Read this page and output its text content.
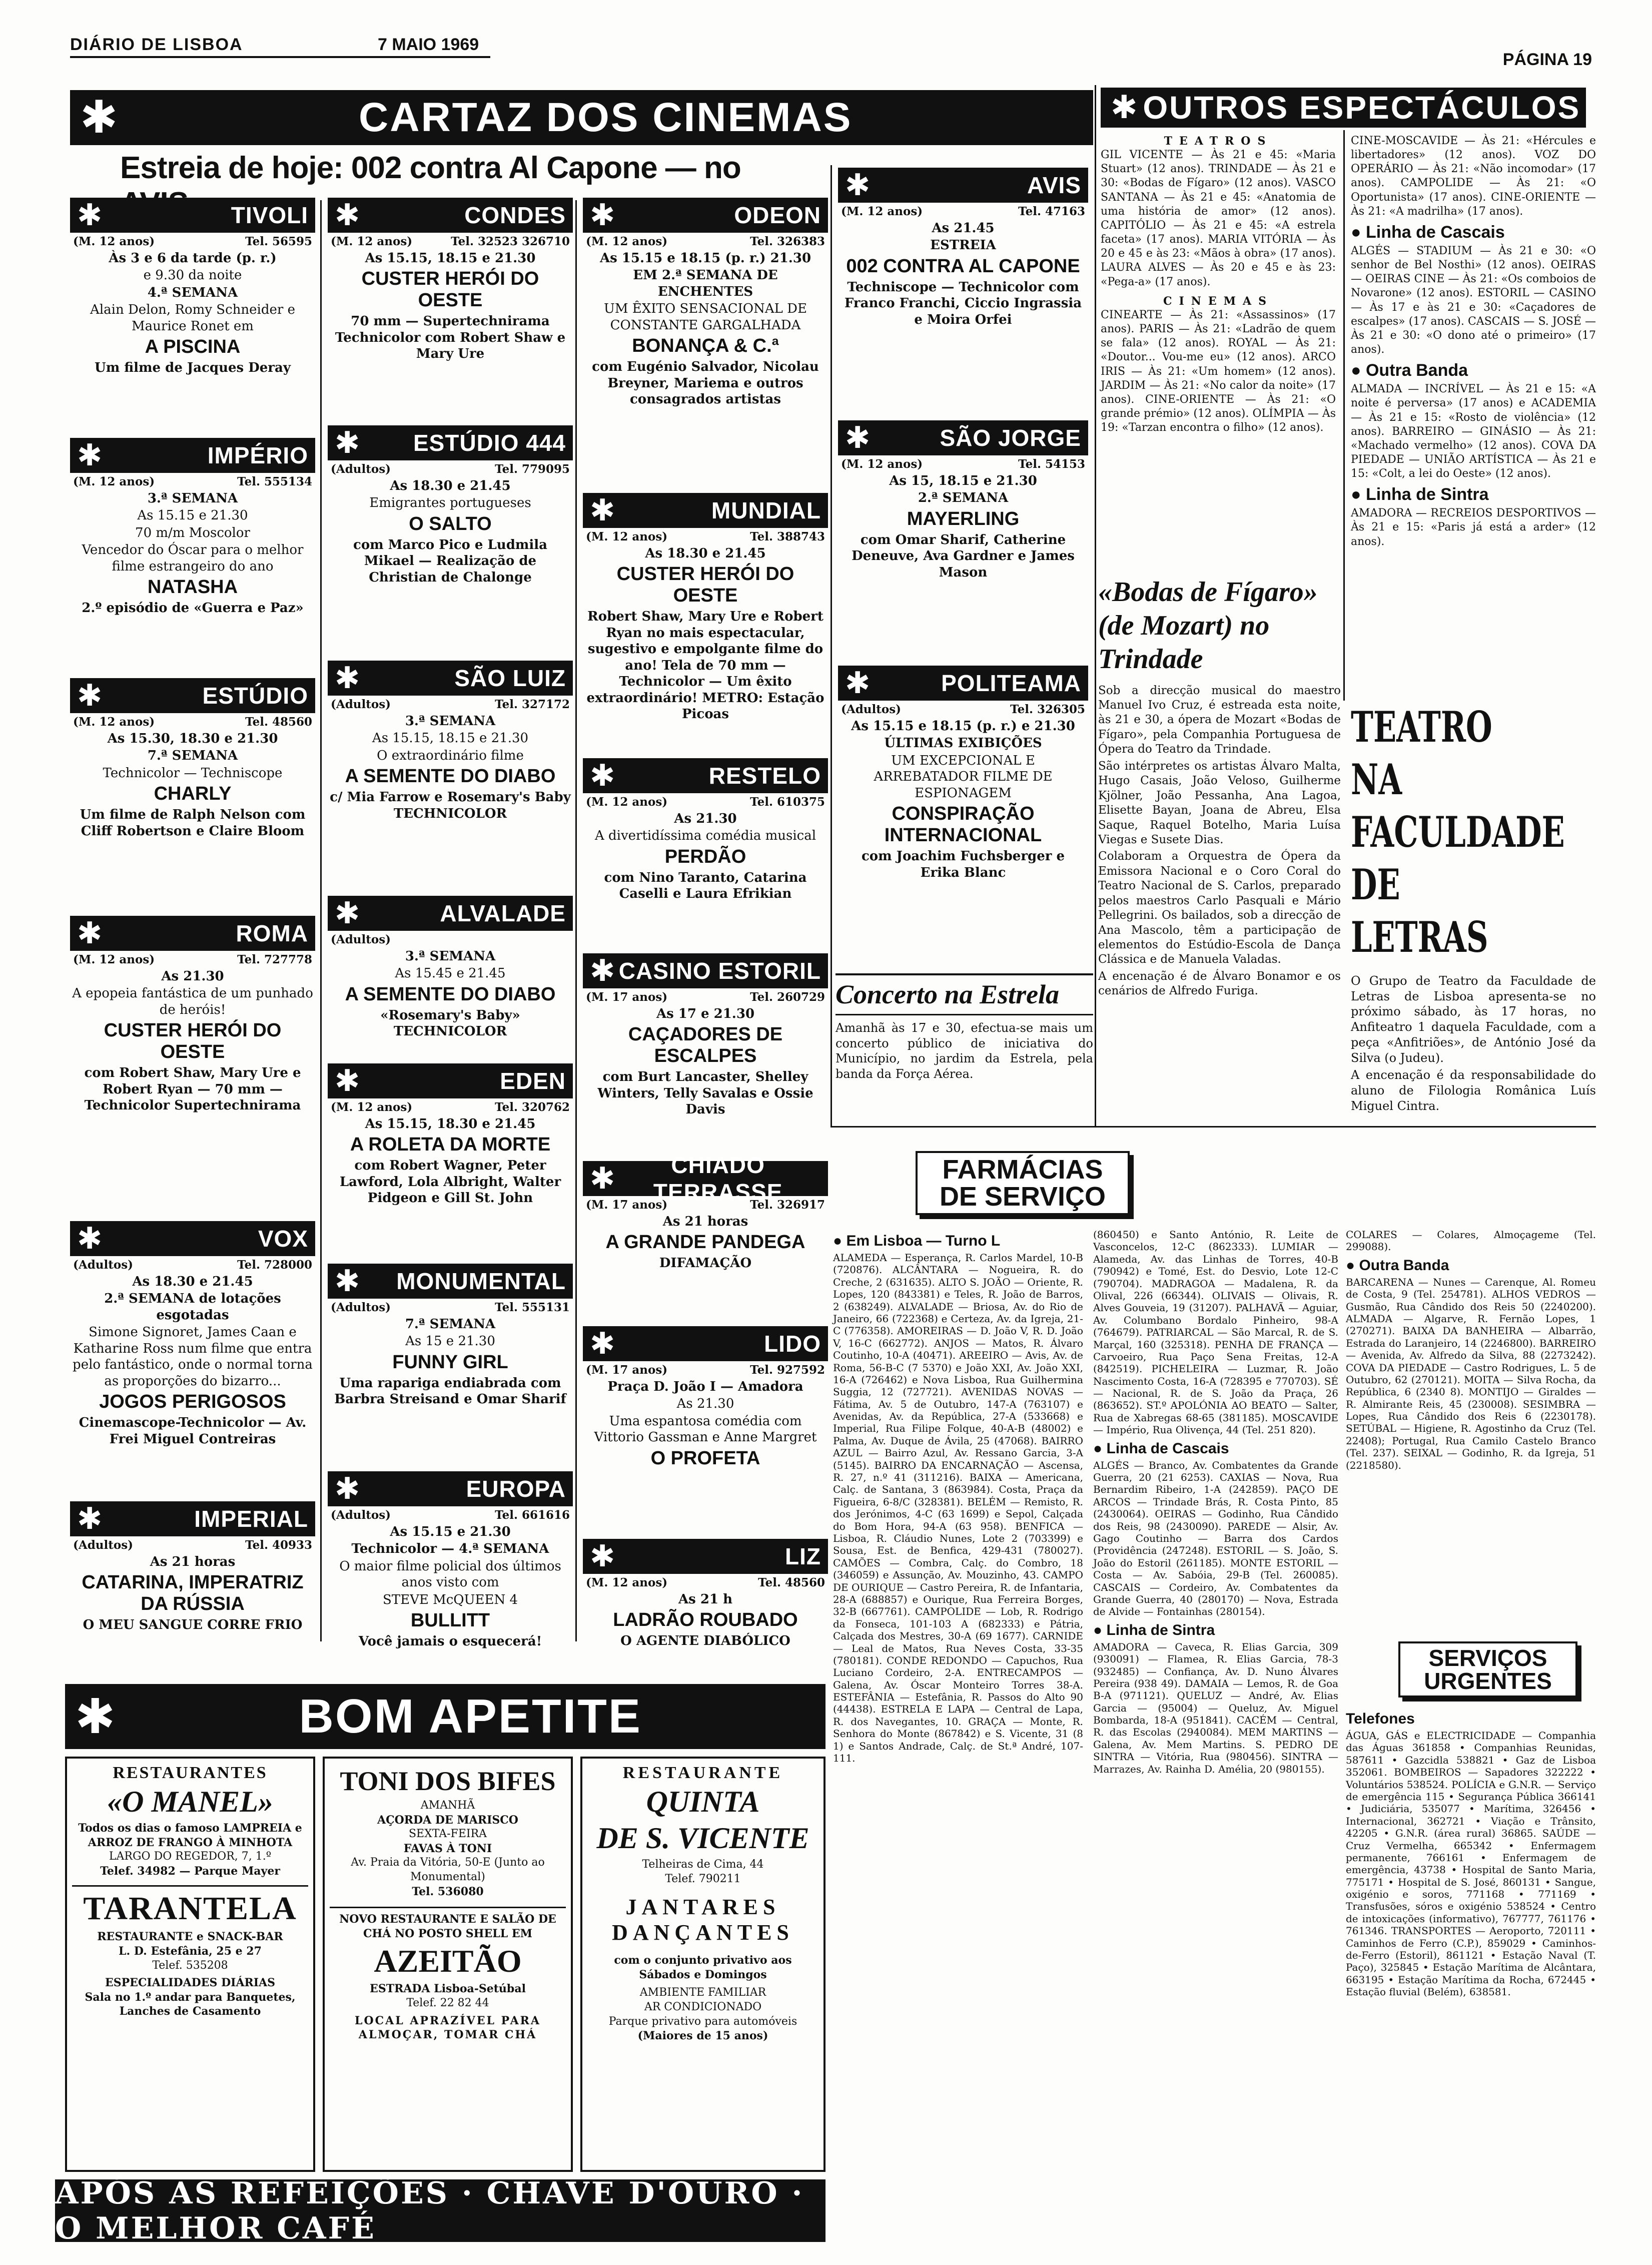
DIÁRIO DE LISBOA	7 MAIO 1969
PÁGINA 19
✱	CARTAZ DOS CINEMAS
Estreia de hoje: 002 contra Al Capone — no
✱	TIVOLI
(M. 12 anos)	Tel. 56595

Às 3 e 6 da tarde (p. r.)

e 9.30 da noite

4.ª SEMANA

Alain Delon, Romy Schneider e Maurice Ronet em

A PISCINA

Um filme de Jacques Deray

✱	IMPÉRIO
(M. 12 anos)	Tel. 555134

3.ª SEMANA

As 15.15 e 21.30

70 m/m Moscolor

Vencedor do Óscar para o melhor filme estrangeiro do ano

NATASHA

2.º episódio de «Guerra e Paz»

✱	ESTÚDIO
(M. 12 anos)	Tel. 48560

As 15.30, 18.30 e 21.30

7.ª SEMANA

Technicolor — Techniscope

CHARLY

Um filme de Ralph Nelson com Cliff Robertson e Claire Bloom

✱	ROMA
(M. 12 anos)	Tel. 727778

As 21.30

A epopeia fantástica de um punhado de heróis!

CUSTER HERÓI DO OESTE

com Robert Shaw, Mary Ure e Robert Ryan — 70 mm — Technicolor Supertechnirama

✱	VOX
(Adultos)	Tel. 728000

As 18.30 e 21.45

2.ª SEMANA de lotações esgotadas

Simone Signoret, James Caan e Katharine Ross num filme que entra pelo fantástico, onde o normal torna as proporções do bizarro...

JOGOS PERIGOSOS

Cinemascope-Technicolor — Av. Frei Miguel Contreiras

✱	IMPERIAL
(Adultos)	Tel. 40933

As 21 horas

CATARINA, IMPERATRIZ DA RÚSSIA

O MEU SANGUE CORRE FRIO

✱	CONDES
(M. 12 anos)	Tel. 32523 326710

As 15.15, 18.15 e 21.30

CUSTER HERÓI DO OESTE

70 mm — Supertechnirama Technicolor com Robert Shaw e Mary Ure

✱ ESTÚDIO 444
(Adultos)	Tel. 779095

As 18.30 e 21.45

Emigrantes portugueses

O SALTO

com Marco Pico e Ludmila Mikael — Realização de Christian de Chalonge

✱	SÃO LUIZ
(Adultos)	Tel. 327172

3.ª SEMANA

As 15.15, 18.15 e 21.30

O extraordinário filme

A SEMENTE DO DIABO

c/ Mia Farrow e Rosemary's Baby TECHNICOLOR

✱	ALVALADE
(Adultos)

3.ª SEMANA

As 15.45 e 21.45

A SEMENTE DO DIABO

«Rosemary's Baby» TECHNICOLOR

✱	EDEN
(M. 12 anos)	Tel. 320762

As 15.15, 18.30 e 21.45

A ROLETA DA MORTE

com Robert Wagner, Peter Lawford, Lola Albright, Walter Pidgeon e Gill St. John

✱ MONUMENTAL
(Adultos)	Tel. 555131

7.ª SEMANA

As 15 e 21.30

FUNNY GIRL

Uma rapariga endiabrada com Barbra Streisand e Omar Sharif

✱	EUROPA
(Adultos)	Tel. 661616

As 15.15 e 21.30

Technicolor — 4.ª SEMANA

O maior filme policial dos últimos anos visto com

STEVE McQUEEN 4

BULLITT

Você jamais o esquecerá!

✱	ODEON
(M. 12 anos)	Tel. 326383

As 15.15 e 18.15 (p. r.) 21.30

EM 2.ª SEMANA DE ENCHENTES

UM ÊXITO SENSACIONAL DE CONSTANTE GARGALHADA

BONANÇA & C.ª

com Eugénio Salvador, Nicolau Breyner, Mariema e outros consagrados artistas

✱	MUNDIAL
(M. 12 anos)	Tel. 388743

As 18.30 e 21.45

CUSTER HERÓI DO OESTE

Robert Shaw, Mary Ure e Robert Ryan no mais espectacular, sugestivo e empolgante filme do ano! Tela de 70 mm — Technicolor — Um êxito extraordinário! METRO: Estação Picoas

✱	RESTELO
(M. 12 anos)	Tel. 610375

As 21.30

A divertidíssima comédia musical

PERDÃO

com Nino Taranto, Catarina Caselli e Laura Efrikian

✱ CASINO ESTORIL
(M. 17 anos)	Tel. 260729

As 17 e 21.30

CAÇADORES DE ESCALPES

com Burt Lancaster, Shelley Winters, Telly Savalas e Ossie Davis

✱	CHIADO TERRASSE
(M. 17 anos)	Tel. 326917

As 21 horas

A GRANDE PANDEGA

DIFAMAÇÃO

✱	LIDO
(M. 17 anos)	Tel. 927592

Praça D. João I — Amadora

As 21.30

Uma espantosa comédia com Vittorio Gassman e Anne Margret

O PROFETA
✱	LIZ
(M. 12 anos)	Tel. 48560

As 21 h

LADRÃO ROUBADO

O AGENTE DIABÓLICO

✱	AVIS
(M. 12 anos)	Tel. 47163

As 21.45

ESTREIA

002 CONTRA AL CAPONE

Techniscope — Technicolor com Franco Franchi, Ciccio Ingrassia e Moira Orfei

✱	SÃO JORGE
(M. 12 anos)	Tel. 54153

As 15, 18.15 e 21.30

2.ª SEMANA

MAYERLING

com Omar Sharif, Catherine Deneuve, Ava Gardner e James Mason

✱	POLITEAMA
(Adultos)	Tel. 326305

As 15.15 e 18.15 (p. r.) e 21.30

ÚLTIMAS EXIBIÇÕES

UM EXCEPCIONAL E ARREBATADOR FILME DE ESPIONAGEM

CONSPIRAÇÃO INTERNACIONAL

com Joachim Fuchsberger e Erika Blanc

Concerto na Estrela
Amanhã às 17 e 30, efectua-se mais um concerto público de iniciativa do Município, no jardim da Estrela, pela banda da Força Aérea.
✱ OUTROS ESPECTÁCULOS
TEATROS

GIL VICENTE — Às 21 e 45: «Maria Stuart» (12 anos). TRINDADE — Às 21 e 30: «Bodas de Fígaro» (12 anos). VASCO SANTANA — Às 21 e 45: «Anatomia de uma história de amor» (12 anos). CAPITÓLIO — Às 21 e 45: «A estrela faceta» (17 anos). MARIA VITÓRIA — Às 20 e 45 e às 23: «Mãos à obra» (17 anos). LAURA ALVES — Às 20 e 45 e às 23: «Pega-a» (17 anos).

CINEMAS

CINEARTE — Às 21: «Assassinos» (17 anos). PARIS — Às 21: «Ladrão de quem se fala» (12 anos). ROYAL — Às 21: «Doutor... Vou-me eu» (12 anos). ARCO IRIS — Às 21: «Um homem» (12 anos). JARDIM — Às 21: «No calor da noite» (17 anos). CINE-ORIENTE — Às 21: «O grande prémio» (12 anos). OLÍMPIA — Às 19: «Tarzan encontra o filho» (12 anos).

CINE-MOSCAVIDE — Às 21: «Hércules e libertadores» (12 anos). VOZ DO OPERÁRIO — Às 21: «Não incomodar» (17 anos). CAMPOLIDE — Às 21: «O Oportunista» (17 anos). CINE-ORIENTE — Às 21: «A madrilha» (17 anos).

● Linha de Cascais

ALGÉS — STADIUM — Às 21 e 30: «O senhor de Bel Nosthi» (12 anos). OEIRAS — OEIRAS CINE — Às 21: «Os comboios de Novarone» (12 anos). ESTORIL — CASINO — Às 17 e às 21 e 30: «Caçadores de escalpes» (17 anos). CASCAIS — S. JOSÉ — Às 21 e 30: «O dono até o primeiro» (17 anos).

● Outra Banda

ALMADA — INCRÍVEL — Às 21 e 15: «A noite é perversa» (17 anos) e ACADEMIA — Às 21 e 15: «Rosto de violência» (12 anos). BARREIRO — GINÁSIO — Às 21: «Machado vermelho» (12 anos). COVA DA PIEDADE — UNIÃO ARTÍSTICA — Às 21 e 15: «Colt, a lei do Oeste» (12 anos).

● Linha de Sintra

AMADORA — RECREIOS DESPORTIVOS — Às 21 e 15: «Paris já está a arder» (12 anos).

«Bodas de Fígaro» (de Mozart) no Trindade

Sob a direcção musical do maestro Manuel Ivo Cruz, é estreada esta noite, às 21 e 30, a ópera de Mozart «Bodas de Fígaro», pela Companhia Portuguesa de Ópera do Teatro da Trindade.

São intérpretes os artistas Álvaro Malta, Hugo Casais, João Veloso, Guilherme Kjölner, João Pessanha, Ana Lagoa, Elisette Bayan, Joana de Abreu, Elsa Saque, Raquel Botelho, Maria Luísa Viegas e Susete Dias.

Colaboram a Orquestra de Ópera da Emissora Nacional e o Coro Coral do Teatro Nacional de S. Carlos, preparado pelos maestros Carlo Pasquali e Mário Pellegrini. Os bailados, sob a direcção de Ana Mascolo, têm a participação de elementos do Estúdio-Escola de Dança Clássica e de Manuela Valadas.

A encenação é de Álvaro Bonamor e os cenários de Alfredo Furiga.

TEATRO
NA FACULDADE
DE LETRAS

O Grupo de Teatro da Faculdade de Letras de Lisboa apresenta-se no próximo sábado, às 17 horas, no Anfiteatro 1 daquela Faculdade, com a peça «Anfitriões», de António José da Silva (o Judeu).

A encenação é da responsabilidade do aluno de Filologia Românica Luís Miguel Cintra.

FARMÁCIAS DE SERVIÇO
● Em Lisboa — Turno L

ALAMEDA — Esperança, R. Carlos Mardel, 10-B (720876). ALCÂNTARA — Nogueira, R. do Creche, 2 (631635). ALTO S. JOÃO — Oriente, R. Lopes, 120 (843381) e Teles, R. João de Barros, 2 (638249). ALVALADE — Briosa, Av. do Rio de Janeiro, 66 (722368) e Certeza, Av. da Igreja, 21-C (776358). AMOREIRAS — D. João V, R. D. João V, 16-C (662772). ANJOS — Matos, R. Álvaro Coutinho, 10-A (40471). AREEIRO — Avis, Av. de Roma, 56-B-C (7 5370) e João XXI, Av. João XXI, 16-A (726462) e Nova Lisboa, Rua Guilhermina Suggia, 12 (727721). AVENIDAS NOVAS — Fátima, Av. 5 de Outubro, 147-A (763107) e Avenidas, Av. da República, 27-A (533668) e Imperial, Rua Filipe Folque, 40-A-B (48002) e Palma, Av. Duque de Ávila, 25 (47068). BAIRRO AZUL — Bairro Azul, Av. Ressano Garcia, 3-A (5145). BAIRRO DA ENCARNAÇÃO — Ascensa, R. 27, n.º 41 (311216). BAIXA — Americana, Calç. de Santana, 3 (863984). Costa, Praça da Figueira, 6-8/C (328381). BELÉM — Remisto, R. dos Jerónimos, 4-C (63 1699) e Sepol, Calçada do Bom Hora, 94-A (63 958). BENFICA — Lisboa, R. Cláudio Nunes, Lote 2 (703399) e Sousa, Est. de Benfica, 429-431 (780027). CAMÕES — Combra, Calç. do Combro, 18 (346059) e Assunção, Av. Mouzinho, 43. CAMPO DE OURIQUE — Castro Pereira, R. de Infantaria, 28-A (688857) e Ourique, Rua Ferreira Borges, 32-B (667761). CAMPOLIDE — Lob, R. Rodrigo da Fonseca, 101-103 A (682333) e Pátria, Calçada dos Mestres, 30-A (69 1677). CARNIDE — Leal de Matos, Rua Neves Costa, 33-35 (780181). CONDE REDONDO — Capuchos, Rua Luciano Cordeiro, 2-A. ENTRECAMPOS — Galena, Av. Óscar Monteiro Torres 38-A. ESTEFÂNIA — Estefânia, R. Passos do Alto 90 (44438). ESTRELA E LAPA — Central de Lapa, R. dos Navegantes, 10. GRAÇA — Monte, R. Senhora do Monte (867842) e S. Vicente, 31 (8 1) e Santos Andrade, Calç. de St.ª André, 107-111.

(860450) e Santo António, R. Leite de Vasconcelos, 12-C (862333). LUMIAR — Alameda, Av. das Linhas de Torres, 40-B (790942) e Tomé, Est. do Desvio, Lote 12-C (790704). MADRAGOA — Madalena, R. da Olival, 226 (66344). OLIVAIS — Olivais, R. Alves Gouveia, 19 (31207). PALHAVÃ — Aguiar, Av. Columbano Bordalo Pinheiro, 98-A (764679). PATRIARCAL — São Marcal, R. de S. Marçal, 160 (325318). PENHA DE FRANÇA — Carvoeiro, Rua Paço Sena Freitas, 12-A (842519). PICHELEIRA — Luzmar, R. João Nascimento Costa, 16-A (728395 e 770703). SÉ — Nacional, R. de S. João da Praça, 26 (863652). ST.º APOLÓNIA AO BEATO — Salter, Rua de Xabregas 68-65 (381185). MOSCAVIDE — Império, Rua Olivença, 44 (Tel. 251 820).

● Linha de Cascais

ALGÉS — Branco, Av. Combatentes da Grande Guerra, 20 (21 6253). CAXIAS — Nova, Rua Bernardim Ribeiro, 1-A (242859). PAÇO DE ARCOS — Trindade Brás, R. Costa Pinto, 85 (2430064). OEIRAS — Godinho, Rua Cândido dos Reis, 98 (2430090). PAREDE — Alsir, Av. Gago Coutinho — Barra dos Cardos (Providência (247248). ESTORIL — S. João, S. João do Estoril (261185). MONTE ESTORIL — Costa — Av. Sabóia, 29-B (Tel. 260085). CASCAIS — Cordeiro, Av. Combatentes da Grande Guerra, 40 (280170) — Nova, Estrada de Alvide — Fontainhas (280154).

● Linha de Sintra

AMADORA — Caveca, R. Elias Garcia, 309 (930091) — Flamea, R. Elias Garcia, 78-3 (932485) — Confiança, Av. D. Nuno Álvares Pereira (938 49). DAMAIA — Lemos, R. de Goa B-A (971121). QUELUZ — André, Av. Elias Garcia — (95004) — Queluz, Av. Miguel Bombarda, 18-A (951841). CACÉM — Central, R. das Escolas (2940084). MEM MARTINS — Galena, Av. Mem Martins. S. PEDRO DE SINTRA — Vitória, Rua (980456). SINTRA — Marrazes, Av. Rainha D. Amélia, 20 (980155).

COLARES — Colares, Almoçageme (Tel. 299088).

● Outra Banda

BARCARENA — Nunes — Carenque, Al. Romeu de Costa, 9 (Tel. 254781). ALHOS VEDROS — Gusmão, Rua Cândido dos Reis 50 (2240200). ALMADA — Algarve, R. Fernão Lopes, 1 (270271). BAIXA DA BANHEIRA — Albarrão, Estrada do Laranjeiro, 14 (2246800). BARREIRO — Avenida, Av. Alfredo da Silva, 88 (2273242). COVA DA PIEDADE — Castro Rodrigues, L. 5 de Outubro, 62 (270121). MOITA — Silva Rocha, da República, 6 (2340 8). MONTIJO — Giraldes — R. Almirante Reis, 45 (230008). SESIMBRA — Lopes, Rua Cândido dos Reis 6 (2230178). SETÚBAL — Higiene, R. Agostinho da Cruz (Tel. 22408); Portugal, Rua Camilo Castelo Branco (Tel. 237). SEIXAL — Godinho, R. da Igreja, 51 (2218580).

SERVIÇOS URGENTES
Telefones

ÁGUA, GÁS e ELECTRICIDADE — Companhia das Águas 361858 • Companhias Reunidas, 587611 • Gazcidla 538821 • Gaz de Lisboa 352061. BOMBEIROS — Sapadores 322222 • Voluntários 538524. POLÍCIA e G.N.R. — Serviço de emergência 115 • Segurança Pública 366141 • Judiciária, 535077 • Marítima, 326456 • Internacional, 362721 • Viação e Trânsito, 42205 • G.N.R. (área rural) 36865. SAÚDE — Cruz Vermelha, 665342 • Enfermagem permanente, 766161 • Enfermagem de emergência, 43738 • Hospital de Santo Maria, 775171 • Hospital de S. José, 860131 • Sangue, oxigénio e soros, 771168 • 771169 • Transfusões, sóros e oxigénio 538524 • Centro de intoxicações (informativo), 767777, 761176 • 761346. TRANSPORTES — Aeroporto, 720111 • Caminhos de Ferro (C.P.), 859029 • Caminhos-de-Ferro (Estoril), 861121 • Estação Naval (T. Paço), 325845 • Estação Marítima de Alcântara, 663195 • Estação Marítima da Rocha, 672445 • Estação fluvial (Belém), 638581.

✱	BOM APETITE
RESTAURANTES
«O MANEL»
Todos os dias o famoso LAMPREIA e ARROZ DE FRANGO À MINHOTA
LARGO DO REGEDOR, 7, 1.º
Telef. 34982 — Parque Mayer
TARANTELA
RESTAURANTE e SNACK-BAR
L. D. Estefânia, 25 e 27
Telef. 535208
ESPECIALIDADES DIÁRIAS
Sala no 1.º andar para Banquetes, Lanches de Casamento
TONI DOS BIFES
AMANHÃ
AÇORDA DE MARISCO
SEXTA-FEIRA
FAVAS À TONI
Av. Praia da Vitória, 50-E (Junto ao Monumental)
Tel. 536080
NOVO RESTAURANTE E SALÃO DE CHÁ NO POSTO SHELL EM
AZEITÃO
ESTRADA Lisboa-Setúbal
Telef. 22 82 44
LOCAL APRAZÍVEL PARA ALMOÇAR, TOMAR CHÁ
RESTAURANTE
QUINTA
DE S. VICENTE
Telheiras de Cima, 44
Telef. 790211
JANTARES DANÇANTES
com o conjunto privativo aos Sábados e Domingos
AMBIENTE FAMILIAR
AR CONDICIONADO
Parque privativo para automóveis
(Maiores de 15 anos)
APÓS AS REFEIÇÕES · CHAVE D'OURO · O MELHOR CAFÉ
